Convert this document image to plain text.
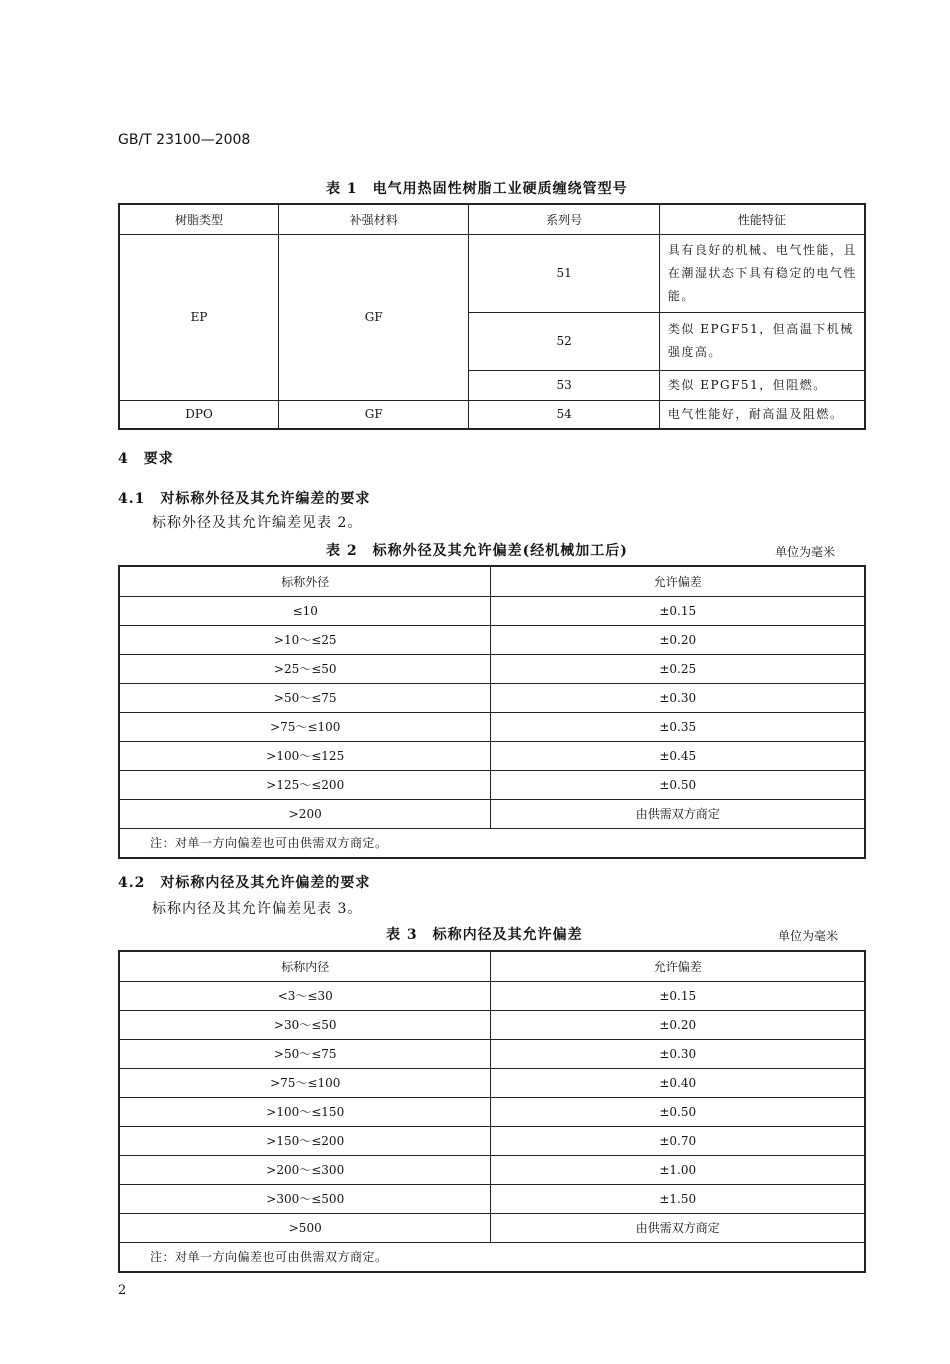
GB/T 23100—2008
表 1　电气用热固性树脂工业硬质缠绕管型号
树脂类型	补强材料	系列号	性能特征
EP	GF	51	具有良好的机械、电气性能，且在潮湿状态下具有稳定的电气性能。
		52	类似 EPGF51，但高温下机械强度高。
		53	类似 EPGF51，但阻燃。
DPO	GF	54	电气性能好，耐高温及阻燃。
4　要求
4.1　对标称外径及其允许编差的要求
标称外径及其允许编差见表 2。
表 2　标称外径及其允许偏差(经机械加工后)	单位为毫米
标称外径	允许偏差
≤10	±0.15
>10～≤25	±0.20
>25～≤50	±0.25
>50～≤75	±0.30
>75～≤100	±0.35
>100～≤125	±0.45
>125～≤200	±0.50
>200	由供需双方商定
注：对单一方向偏差也可由供需双方商定。	
4.2　对标称内径及其允许偏差的要求
标称内径及其允许偏差见表 3。
表 3　标称内径及其允许偏差	单位为毫米
标称内径	允许偏差
<3～≤30	±0.15
>30～≤50	±0.20
>50～≤75	±0.30
>75～≤100	±0.40
>100～≤150	±0.50
>150～≤200	±0.70
>200～≤300	±1.00
>300～≤500	±1.50
>500	由供需双方商定
注：对单一方向偏差也可由供需双方商定。	
2
